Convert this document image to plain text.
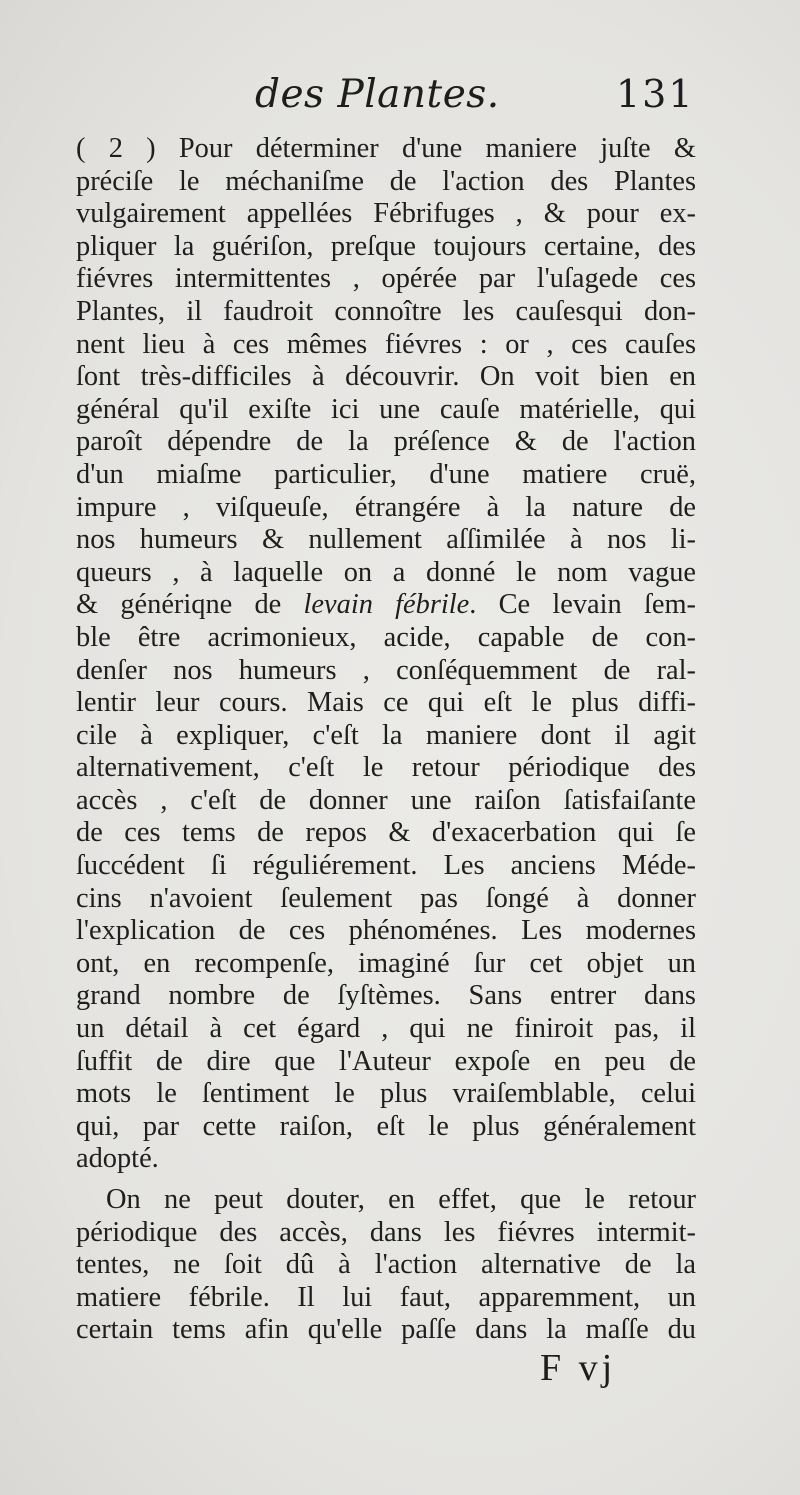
des Plantes.	131
( 2 ) Pour déterminer d'une maniere juſte &
préciſe le méchaniſme de l'action des Plantes
vulgairement appellées Fébrifuges , & pour ex-
pliquer la guériſon, preſque toujours certaine, des
fiévres intermittentes , opérée par l'uſagede ces
Plantes, il faudroit connoître les cauſesqui don-
nent lieu à ces mêmes fiévres : or , ces cauſes
ſont très-difficiles à découvrir. On voit bien en
général qu'il exiſte ici une cauſe matérielle, qui
paroît dépendre de la préſence & de l'action
d'un miaſme particulier, d'une matiere cruë,
impure , viſqueuſe, étrangére à la nature de
nos humeurs & nullement aſſimilée à nos li-
queurs , à laquelle on a donné le nom vague
& génériqne de levain fébrile. Ce levain ſem-
ble être acrimonieux, acide, capable de con-
denſer nos humeurs , conſéquemment de ral-
lentir leur cours. Mais ce qui eſt le plus diffi-
cile à expliquer, c'eſt la maniere dont il agit
alternativement, c'eſt le retour périodique des
accès , c'eſt de donner une raiſon ſatisfaiſante
de ces tems de repos & d'exacerbation qui ſe
ſuccédent ſi réguliérement. Les anciens Méde-
cins n'avoient ſeulement pas ſongé à donner
l'explication de ces phénoménes. Les modernes
ont, en recompenſe, imaginé ſur cet objet un
grand nombre de ſyſtèmes. Sans entrer dans
un détail à cet égard , qui ne finiroit pas, il
ſuffit de dire que l'Auteur expoſe en peu de
mots le ſentiment le plus vraiſemblable, celui
qui, par cette raiſon, eſt le plus généralement
adopté.
On ne peut douter, en effet, que le retour
périodique des accès, dans les fiévres intermit-
tentes, ne ſoit dû à l'action alternative de la
matiere fébrile. Il lui faut, apparemment, un
certain tems afin qu'elle paſſe dans la maſſe du
F vj
